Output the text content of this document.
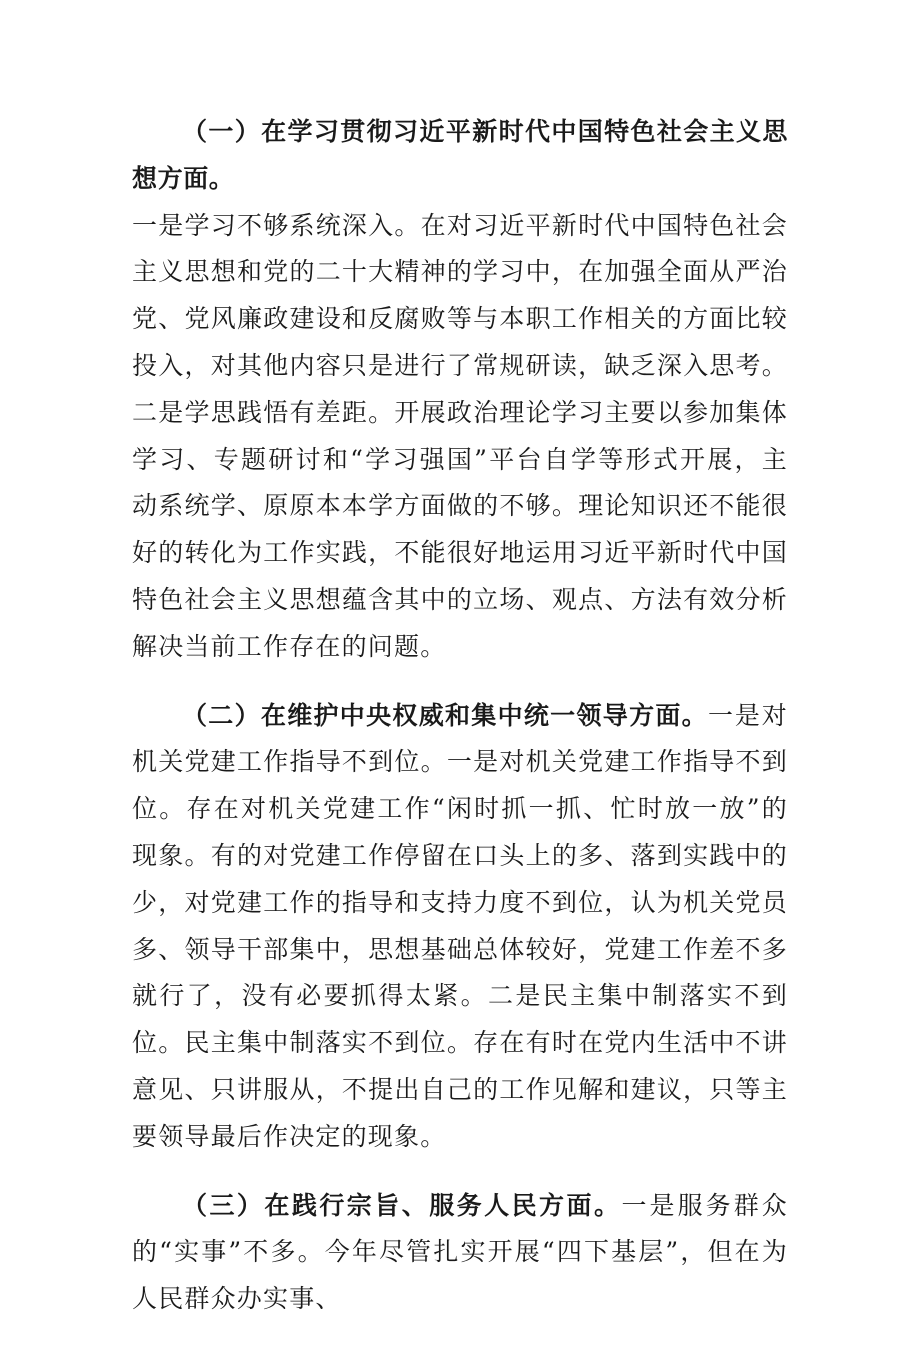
（一）在学习贯彻习近平新时代中国特色社会主义思想方面。
一是学习不够系统深入。在对习近平新时代中国特色社会主义思想和党的二十大精神的学习中，在加强全面从严治党、党风廉政建设和反腐败等与本职工作相关的方面比较投入，对其他内容只是进行了常规研读，缺乏深入思考。二是学思践悟有差距。开展政治理论学习主要以参加集体学习、专题研讨和“学习强国”平台自学等形式开展，主动系统学、原原本本学方面做的不够。理论知识还不能很好的转化为工作实践，不能很好地运用习近平新时代中国特色社会主义思想蕴含其中的立场、观点、方法有效分析解决当前工作存在的问题。

（二）在维护中央权威和集中统一领导方面。一是对机关党建工作指导不到位。一是对机关党建工作指导不到位。存在对机关党建工作“闲时抓一抓、忙时放一放”的现象。有的对党建工作停留在口头上的多、落到实践中的少，对党建工作的指导和支持力度不到位，认为机关党员多、领导干部集中，思想基础总体较好，党建工作差不多就行了，没有必要抓得太紧。二是民主集中制落实不到位。民主集中制落实不到位。存在有时在党内生活中不讲意见、只讲服从，不提出自己的工作见解和建议，只等主要领导最后作决定的现象。

（三）在践行宗旨、服务人民方面。一是服务群众的“实事”不多。今年尽管扎实开展“四下基层”，但在为人民群众办实事、
